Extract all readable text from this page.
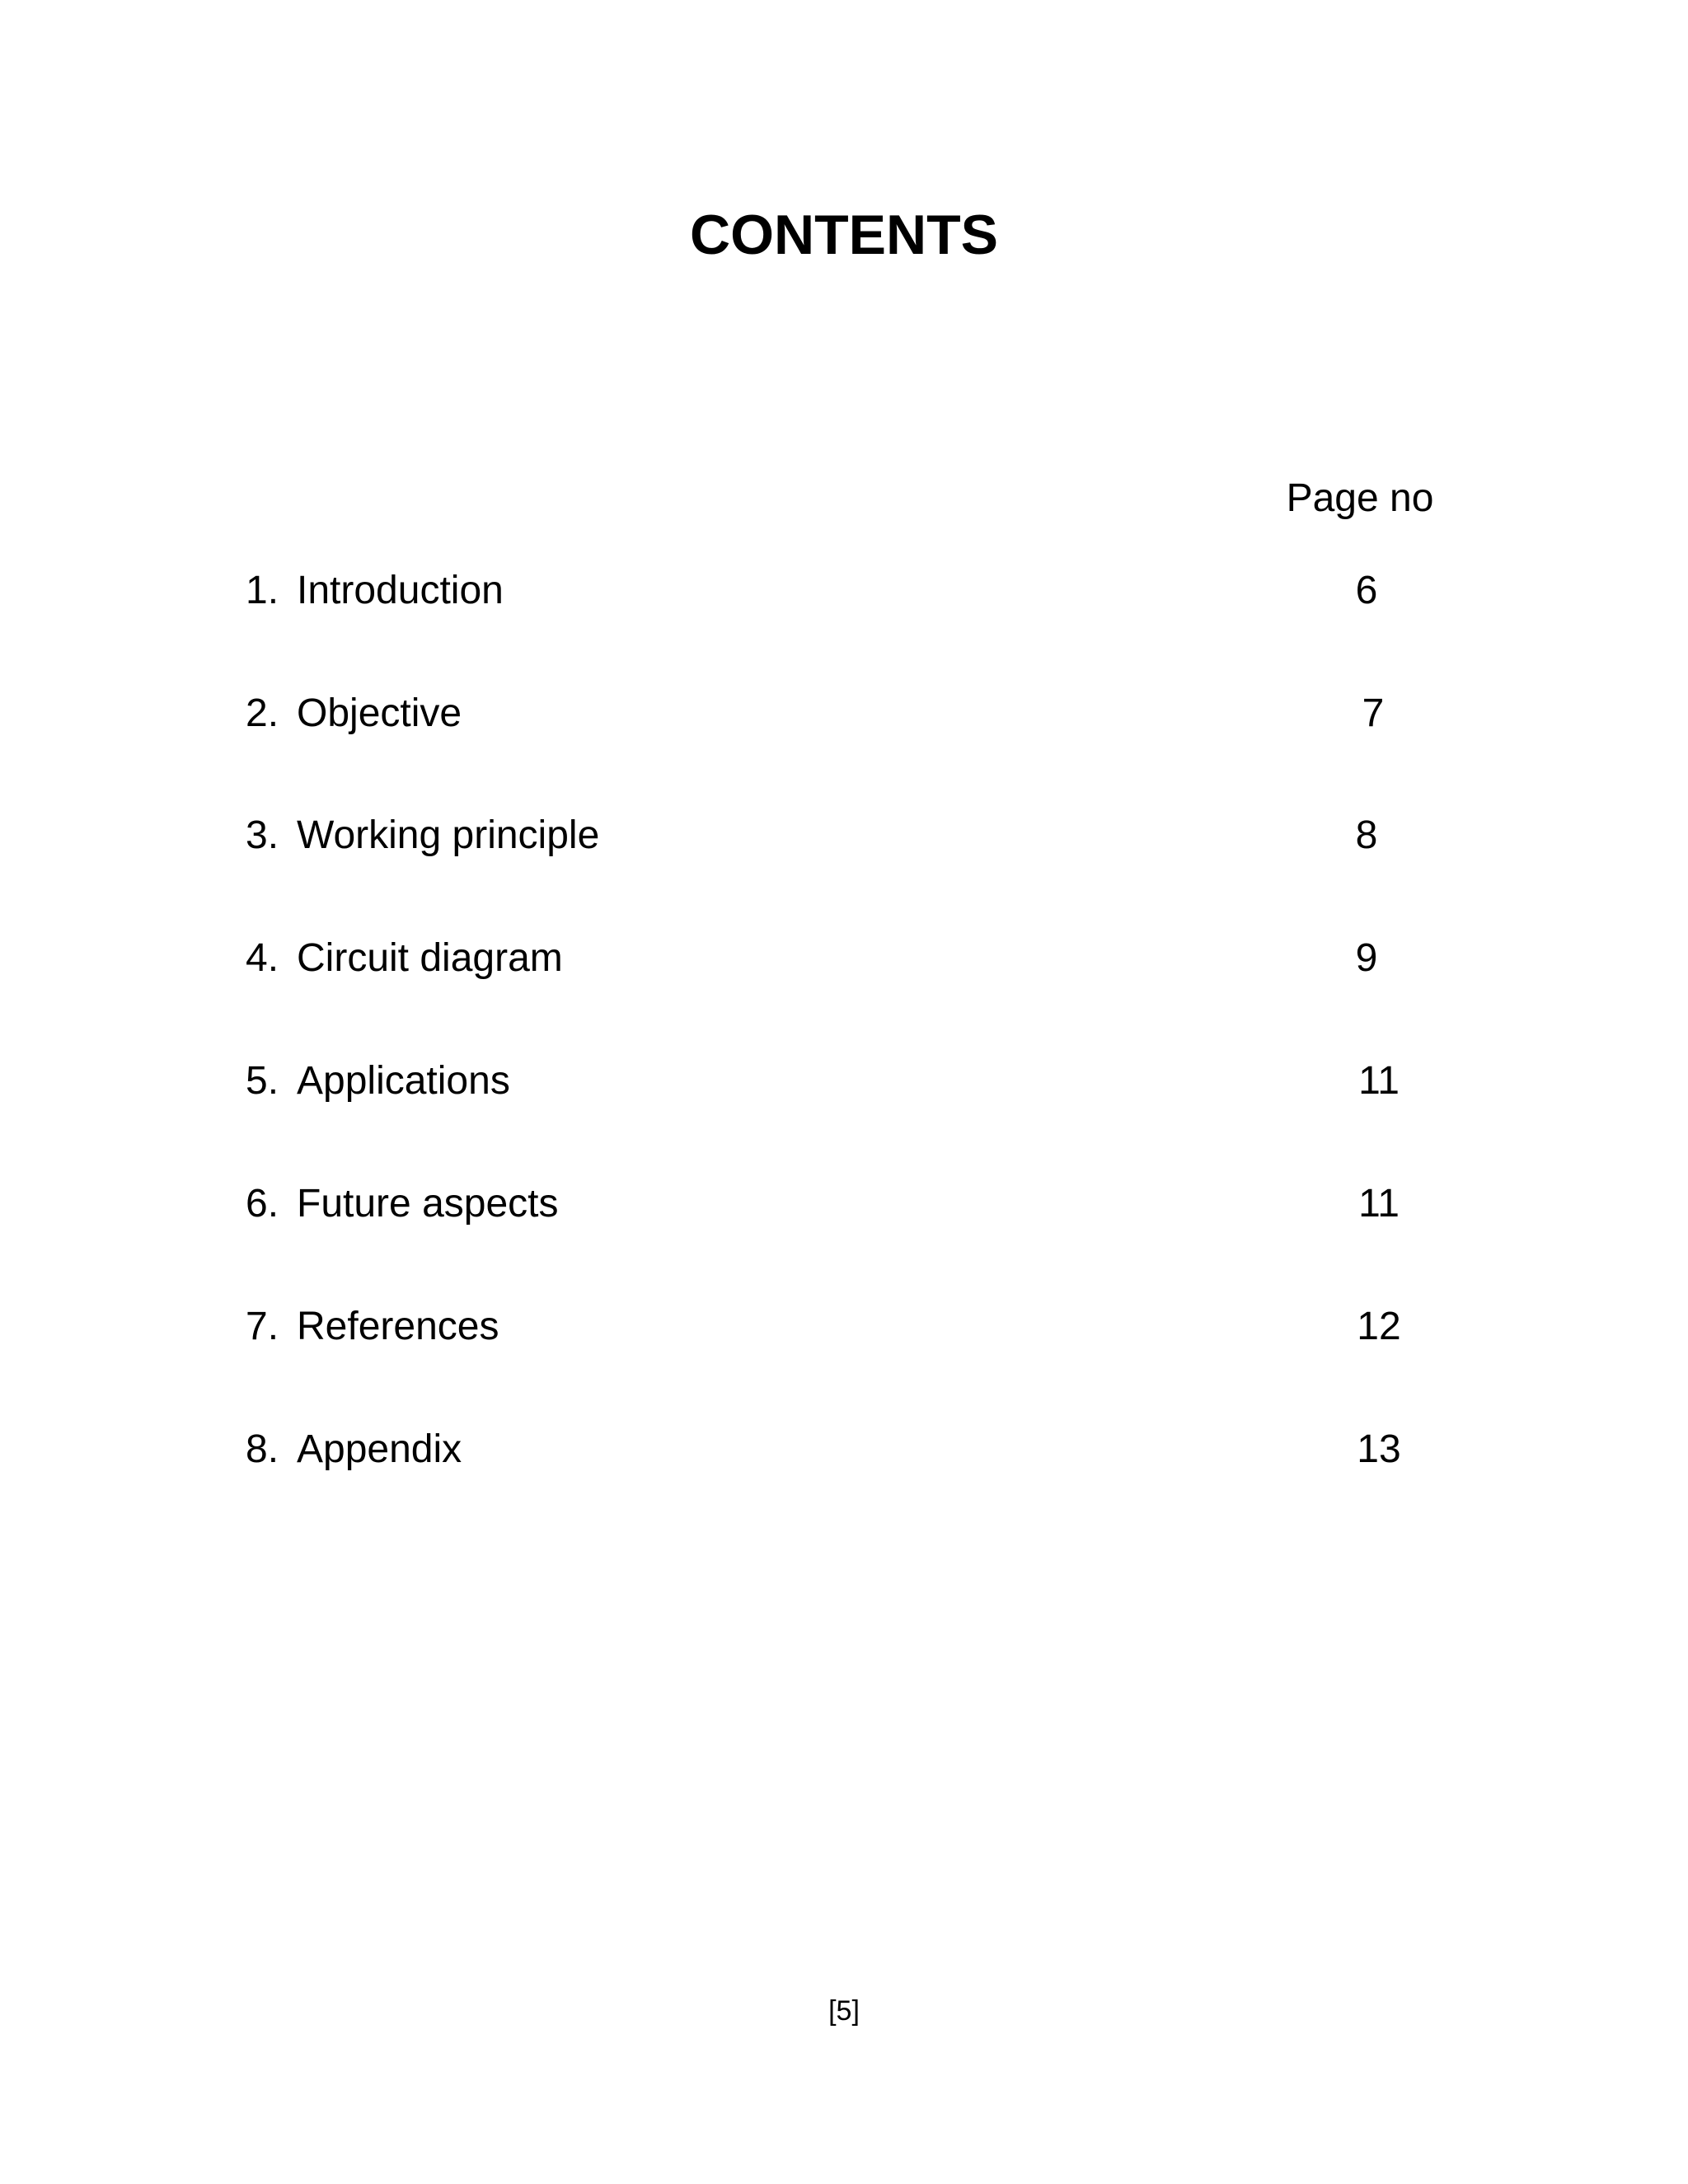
CONTENTS
Page no
1. Introduction	6
2. Objective	7
3. Working principle	8
4. Circuit diagram	9
5. Applications	11
6. Future aspects	11
7. References	12
8. Appendix	13
[5]
